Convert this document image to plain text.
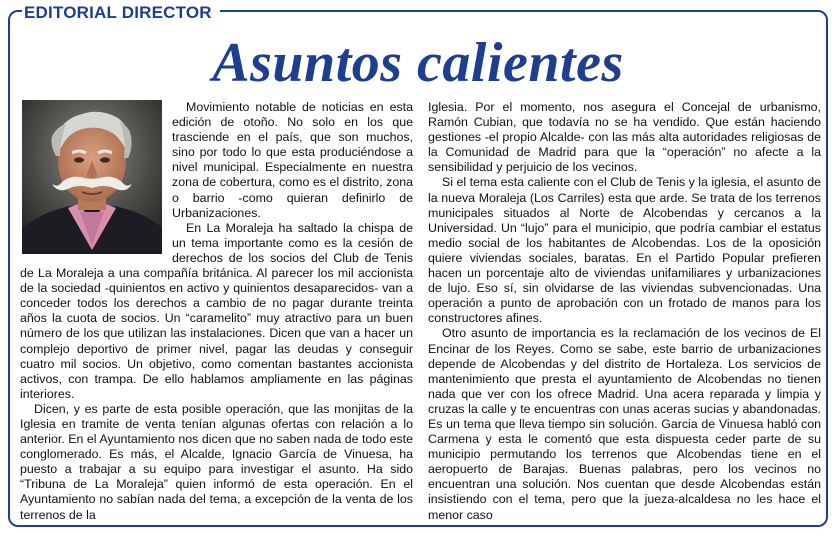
EDITORIAL DIRECTOR
Asuntos calientes

Movimiento notable de noticias en esta edición de otoño. No solo en los que trasciende en el país, que son muchos, sino por todo lo que esta produciéndose a nivel municipal. Especialmente en nuestra zona de cobertura, como es el distrito, zona o barrio -como quieran definirlo de Urbanizaciones.

En La Moraleja ha saltado la chispa de un tema importante como es la cesión de derechos de los socios del Club de Tenis de La Moraleja a una compañía británica. Al parecer los mil accionista de la sociedad -quinientos en activo y quinientos desaparecidos- van a conceder todos los derechos a cambio de no pagar durante treinta años la cuota de socios. Un “caramelito” muy atractivo para un buen número de los que utilizan las instalaciones. Dicen que van a hacer un complejo deportivo de primer nivel, pagar las deudas y conseguir cuatro mil socios. Un objetivo, como comentan bastantes accionista activos, con trampa. De ello hablamos ampliamente en las páginas interiores.

Dicen, y es parte de esta posible operación, que las monjitas de la Iglesia en tramite de venta tenían algunas ofertas con relación a lo anterior. En el Ayuntamiento nos dicen que no saben nada de todo este conglomerado. Es más, el Alcalde, Ignacio García de Vinuesa, ha puesto a trabajar a su equipo para investigar el asunto. Ha sido “Tribuna de La Moraleja” quien informó de esta operación. En el Ayuntamiento no sabían nada del tema, a excepción de la venta de los terrenos de la

Iglesia. Por el momento, nos asegura el Concejal de urbanismo, Ramón Cubian, que todavía no se ha vendido. Que están haciendo gestiones -el propio Alcalde- con las más alta autoridades religiosas de la Comunidad de Madrid para que la “operación” no afecte a la sensibilidad y perjuicio de los vecinos.

Si el tema esta caliente con el Club de Tenis y la iglesia, el asunto de la nueva Moraleja (Los Carriles) esta que arde. Se trata de los terrenos municipales situados al Norte de Alcobendas y cercanos a la Universidad. Un “lujo” para el municipio, que podría cambiar el estatus medio social de los habitantes de Alcobendas. Los de la oposición quiere viviendas sociales, baratas. En el Partido Popular prefieren hacen un porcentaje alto de viviendas unifamiliares y urbanizaciones de lujo. Eso sí, sin olvidarse de las viviendas subvencionadas. Una operación a punto de aprobación con un frotado de manos para los constructores afines.

Otro asunto de importancia es la reclamación de los vecinos de El Encinar de los Reyes. Como se sabe, este barrio de urbanizaciones depende de Alcobendas y del distrito de Hortaleza. Los servicios de mantenimiento que presta el ayuntamiento de Alcobendas no tienen nada que ver con los ofrece Madrid. Una acera reparada y limpia y cruzas la calle y te encuentras con unas aceras sucias y abandonadas. Es un tema que lleva tiempo sin solución. Garcia de Vinuesa habló con Carmena y esta le comentó que esta dispuesta ceder parte de su municipio permutando los terrenos que Alcobendas tiene en el aeropuerto de Barajas. Buenas palabras, pero los vecinos no encuentran una solución. Nos cuentan que desde Alcobendas están insistiendo con el tema, pero que la jueza-alcaldesa no les hace el menor caso
